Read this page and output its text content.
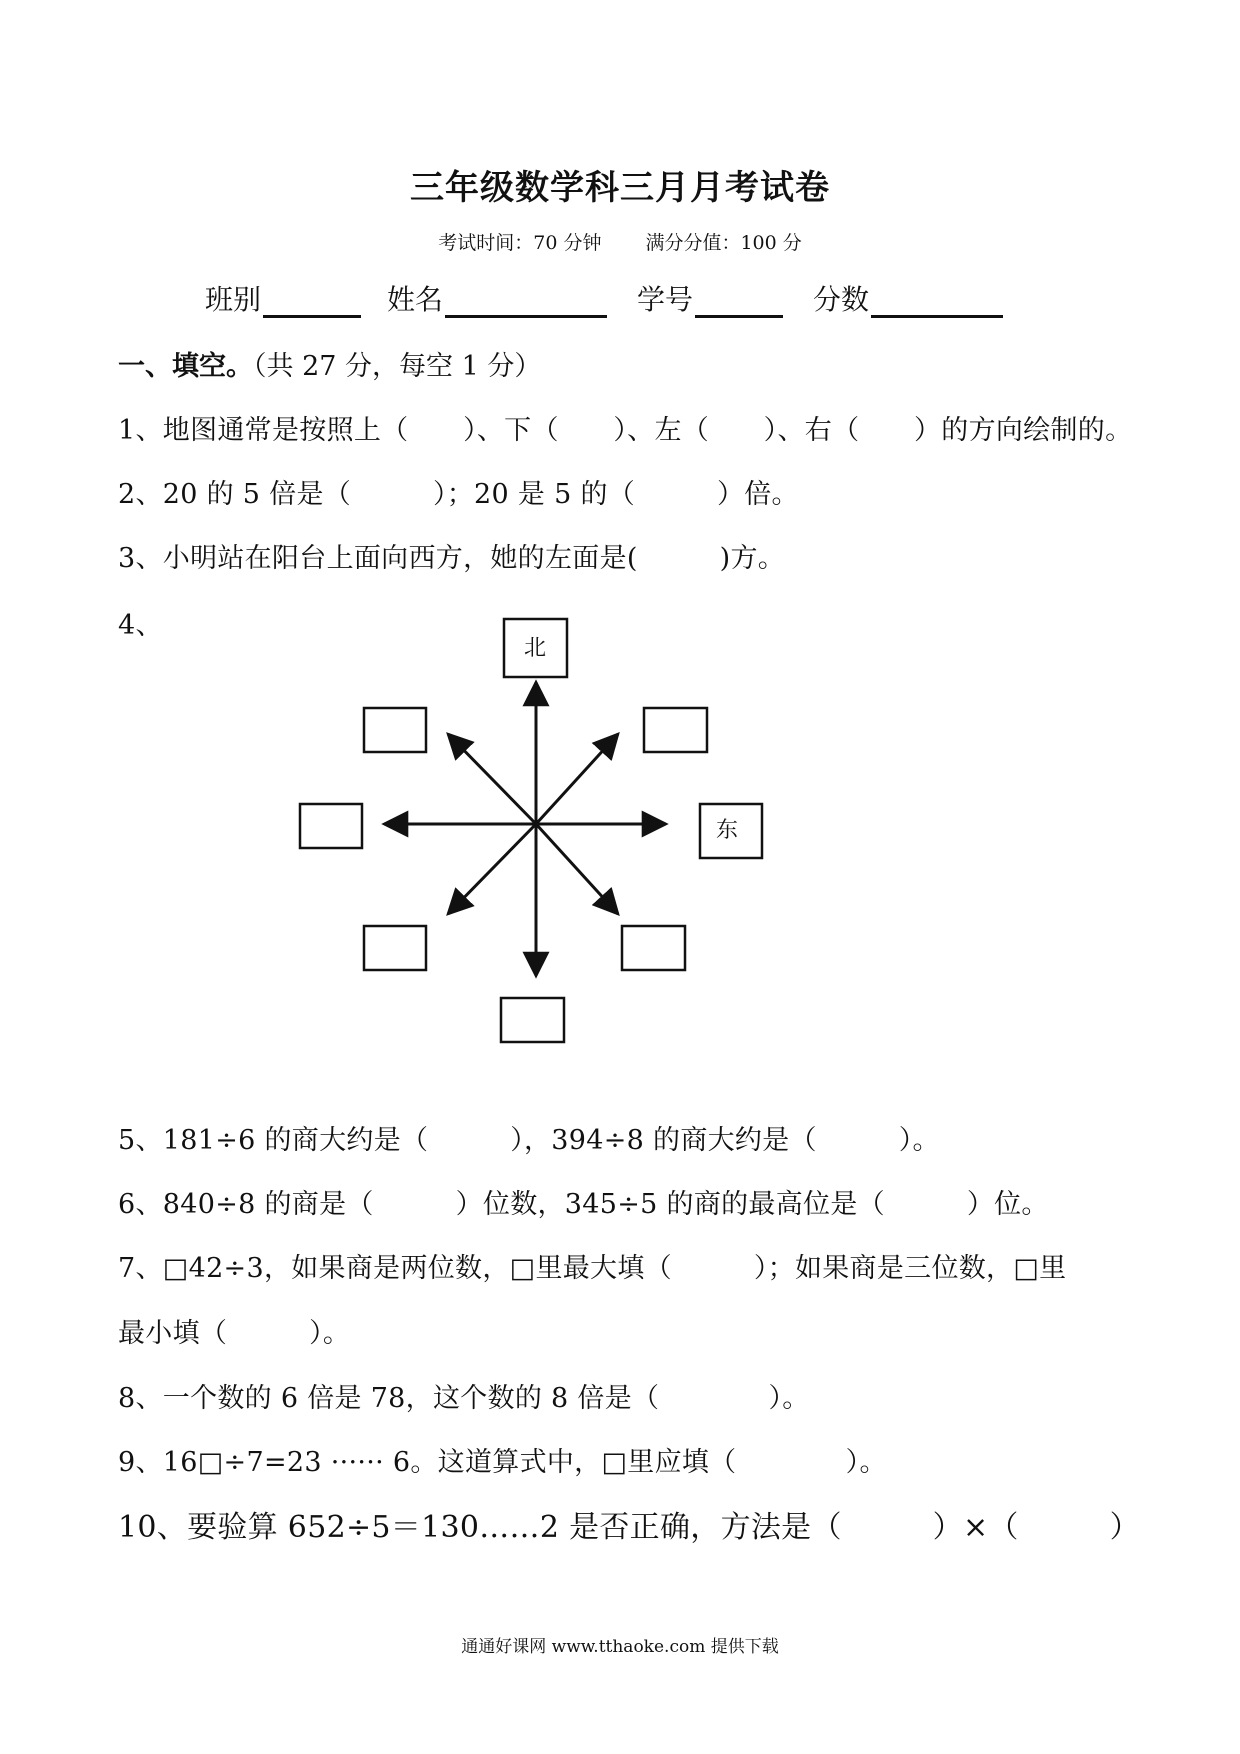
三年级数学科三月月考试卷
考试时间：70 分钟 满分分值：100 分
班别	姓名	学号	分数
一、填空。（共 27 分，每空 1 分）
1、地图通常是按照上（　　）、下（　　）、左（　　）、右（　　）的方向绘制的。
2、20 的 5 倍是（　　　）；20 是 5 的（　　　）倍。
3、小明站在阳台上面向西方，她的左面是(　　　)方。
4、
北
东
5、181÷6 的商大约是（　　　），394÷8 的商大约是（　　　）。
6、840÷8 的商是（　　　）位数，345÷5 的商的最高位是（　　　）位。
7、□42÷3，如果商是两位数，□里最大填（　　　）；如果商是三位数，□里
最小填（　　　）。
8、一个数的 6 倍是 78，这个数的 8 倍是（　　　　）。
9、16□÷7=23 ······ 6。这道算式中，□里应填（　　　　）。
10、要验算 652÷5＝130……2 是否正确，方法是（　　　）×（　　　）
通通好课网 www.tthaoke.com 提供下载
